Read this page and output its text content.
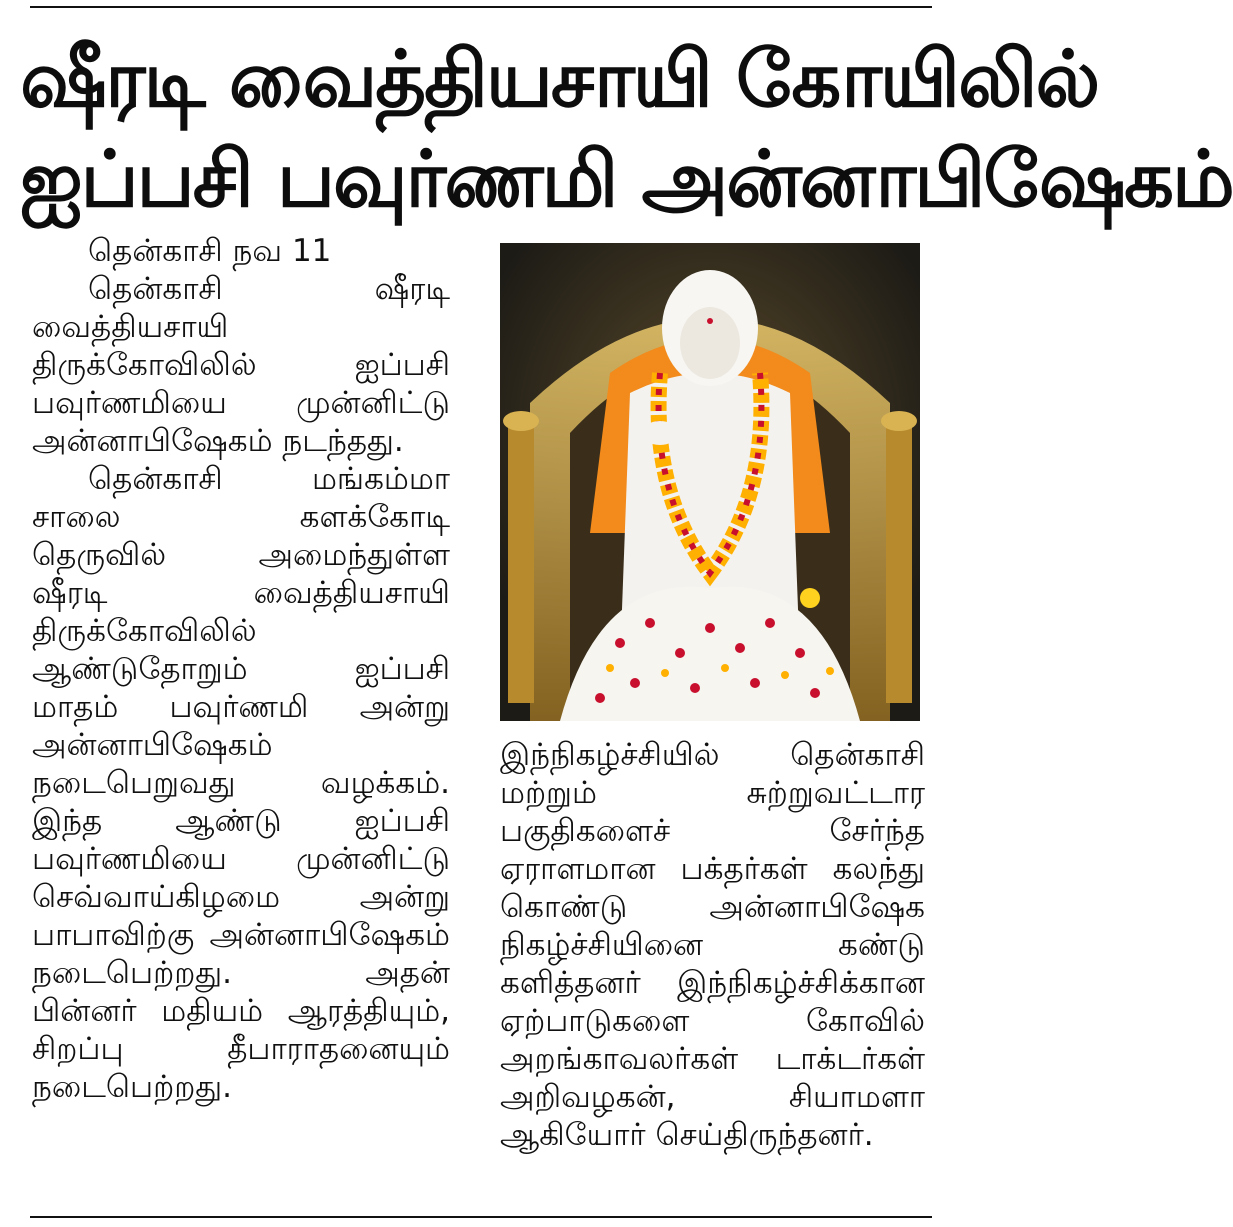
ஷீரடி வைத்தியசாயி கோயிலில்
ஐப்பசி பவுர்ணமி அன்னாபிஷேகம்
தென்காசி நவ 11
தென்காசி ஷீரடி
வைத்தியசாயி
திருக்கோவிலில் ஐப்பசி
பவுர்ணமியை முன்னிட்டு
அன்னாபிஷேகம் நடந்தது.
தென்காசி மங்கம்மா
சாலை களக்கோடி
தெருவில் அமைந்துள்ள
ஷீரடி வைத்தியசாயி
திருக்கோவிலில்
ஆண்டுதோறும் ஐப்பசி
மாதம் பவுர்ணமி அன்று
அன்னாபிஷேகம்
நடைபெறுவது வழக்கம்.
இந்த ஆண்டு ஐப்பசி
பவுர்ணமியை முன்னிட்டு
செவ்வாய்கிழமை அன்று
பாபாவிற்கு அன்னாபிஷேகம்
நடைபெற்றது. அதன்
பின்னர் மதியம் ஆரத்தியும்,
சிறப்பு தீபாராதனையும்
நடைபெற்றது.
இந்நிகழ்ச்சியில் தென்காசி
மற்றும் சுற்றுவட்டார
பகுதிகளைச் சேர்ந்த
ஏராளமான பக்தர்கள் கலந்து
கொண்டு அன்னாபிஷேக
நிகழ்ச்சியினை கண்டு
களித்தனர் இந்நிகழ்ச்சிக்கான
ஏற்பாடுகளை கோவில்
அறங்காவலர்கள் டாக்டர்கள்
அறிவழகன், சியாமளா
ஆகியோர் செய்திருந்தனர்.
